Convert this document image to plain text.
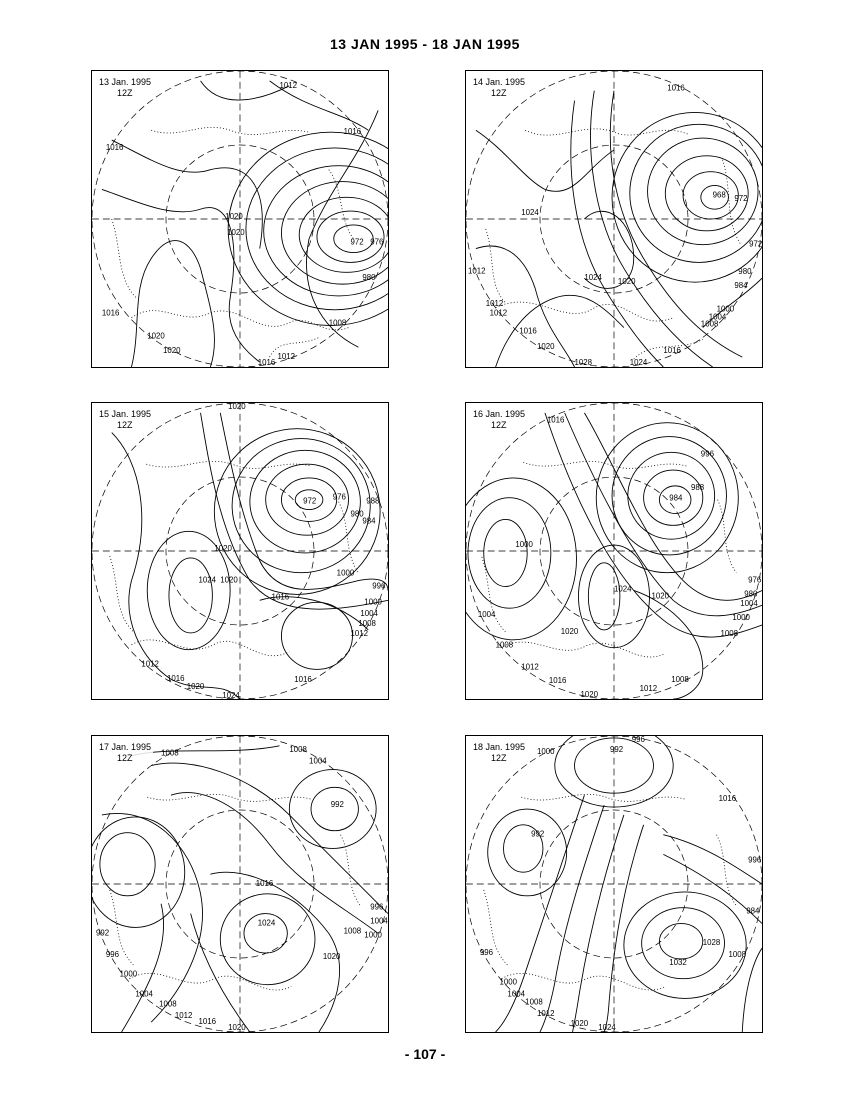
13 JAN 1995 - 18 JAN 1995
1012
1016
1016
1020
1020
972 976
980
1008
1016
1020
1020
1012
1016
13 Jan. 1995
12Z	1016
1024
968 972
972
1012
1024 1020
980
984
1004
1000
1008
1012
1012
1016
1020	1016
1028	1024
14 Jan. 1995
12Z
1020
972 976	988
984
980
1020
1024 1020
1000
996
1016
1000
1004
1008
1012
1012
1016
1020
1016
1024
15 Jan. 1995
12Z	1016
996
988
984
1000
976
1024
1020	980
1004
1000
1004
1020	1008
1008
1012
1016
1020
1012
1008
16 Jan. 1995
12Z
1008	1008
1004
992
1016
1024
992
996
1000
1008
1004
1000
996
1020
1004
1008
1012
1016
1020
17 Jan. 1995
12Z
1000	992
996
1016
992
996
984
996
1028
1032
1008
1000
1004
1008
1012
1020 1024
18 Jan. 1995
12Z
- 107 -
